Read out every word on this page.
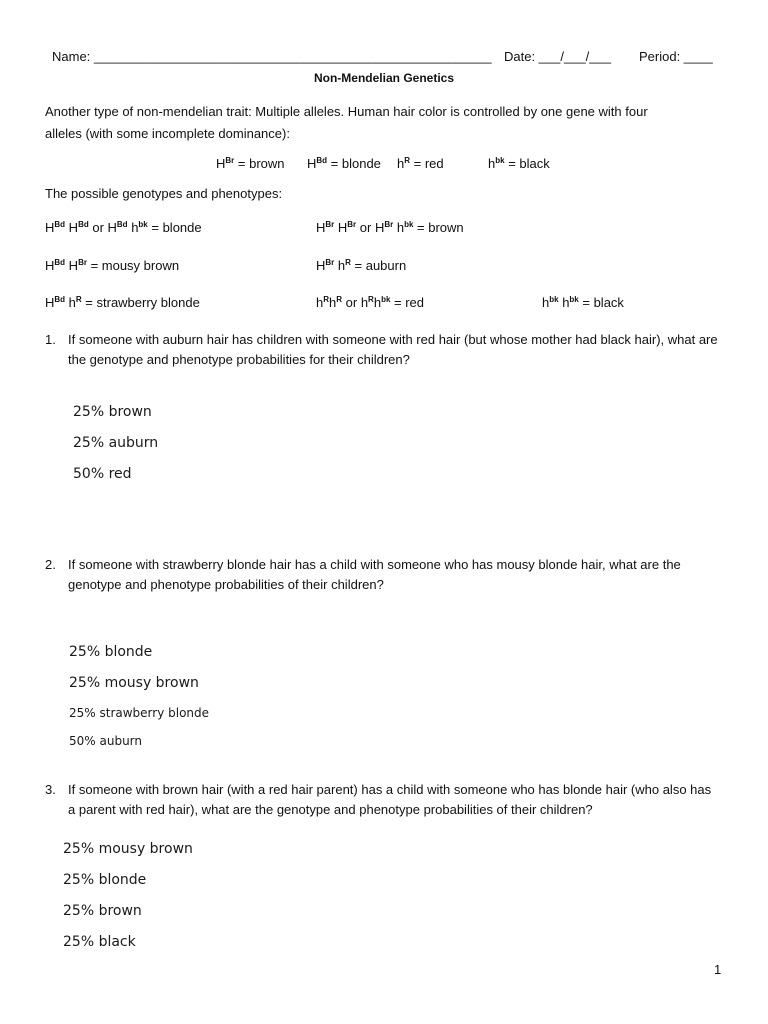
Name: _______________________________________________________ Date: ___/___/___ Period: ____
Non-Mendelian Genetics
Another type of non-mendelian trait: Multiple alleles. Human hair color is controlled by one gene with four
alleles (with some incomplete dominance):
$H^{Br}$ = brown $H^{Bd}$ = blonde $h^R$ = red	$h^{bk}$ = black
The possible genotypes and phenotypes:
$H^{Bd}$ $H^{Bd}$ or $H^{Bd}$ $h^{bk}$ = blonde	$H^{Br}$ $H^{Br}$ or $H^{Br}$ $h^{bk}$ = brown
$H^{Bd}$ $H^{Br}$ = mousy brown	$H^{Br}$ $h^R$ = auburn
$H^{Bd}$ $h^R$ = strawberry blonde	$h^Rh^R$ or $h^Rh^{bk}$ = red	$h^{bk}$ $h^{bk}$ = black
1. If someone with auburn hair has children with someone with red hair (but whose mother had black hair), what are the genotype and phenotype probabilities for their children?
25% brown
25% auburn
50% red
2. If someone with strawberry blonde hair has a child with someone who has mousy blonde hair, what are the genotype and phenotype probabilities of their children?
25% blonde
25% mousy brown
25% strawberry blonde
50% auburn
3. If someone with brown hair (with a red hair parent) has a child with someone who has blonde hair (who also has a parent with red hair), what are the genotype and phenotype probabilities of their children?
25% mousy brown
25% blonde
25% brown
25% black
1
